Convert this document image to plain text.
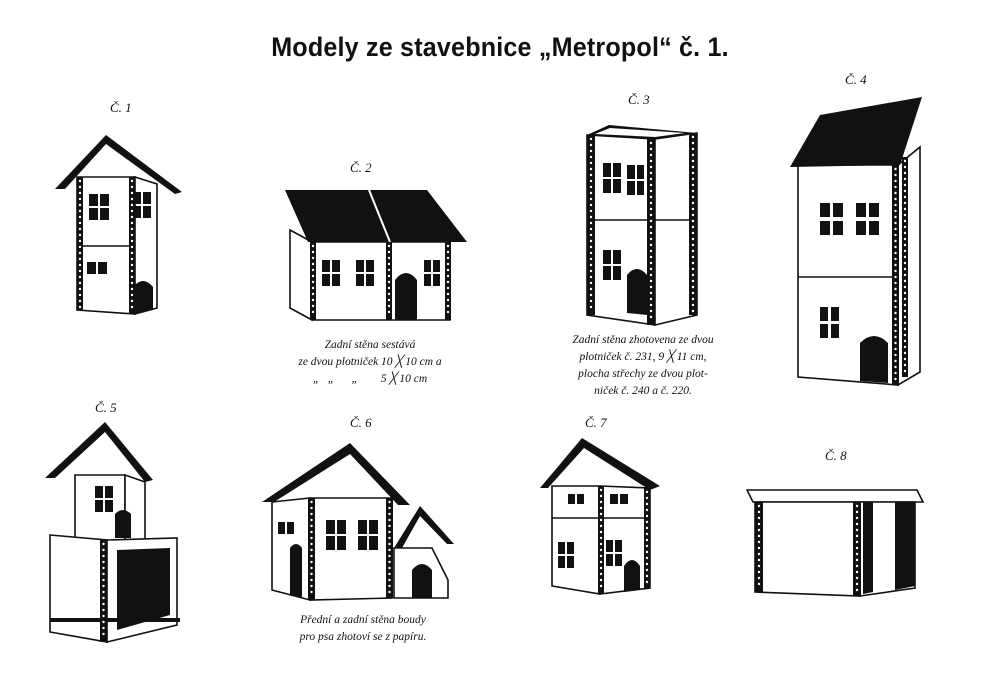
Modely ze stavebnice „Metropol“ č. 1.
Č. 1
Č. 2
Č. 3
Č. 4
Č. 5
Č. 6	Č. 7
Č. 8
Zadní stěna sestává
ze dvou plotniček 10 ╳ 10 cm a
„   „      „        5 ╳ 10 cm
Zadní stěna zhotovena ze dvou
plotniček č. 231, 9 ╳ 11 cm,
plocha střechy ze dvou plot-
niček č. 240 a č. 220.
Přední a zadní stěna boudy
pro psa zhotoví se z papíru.
